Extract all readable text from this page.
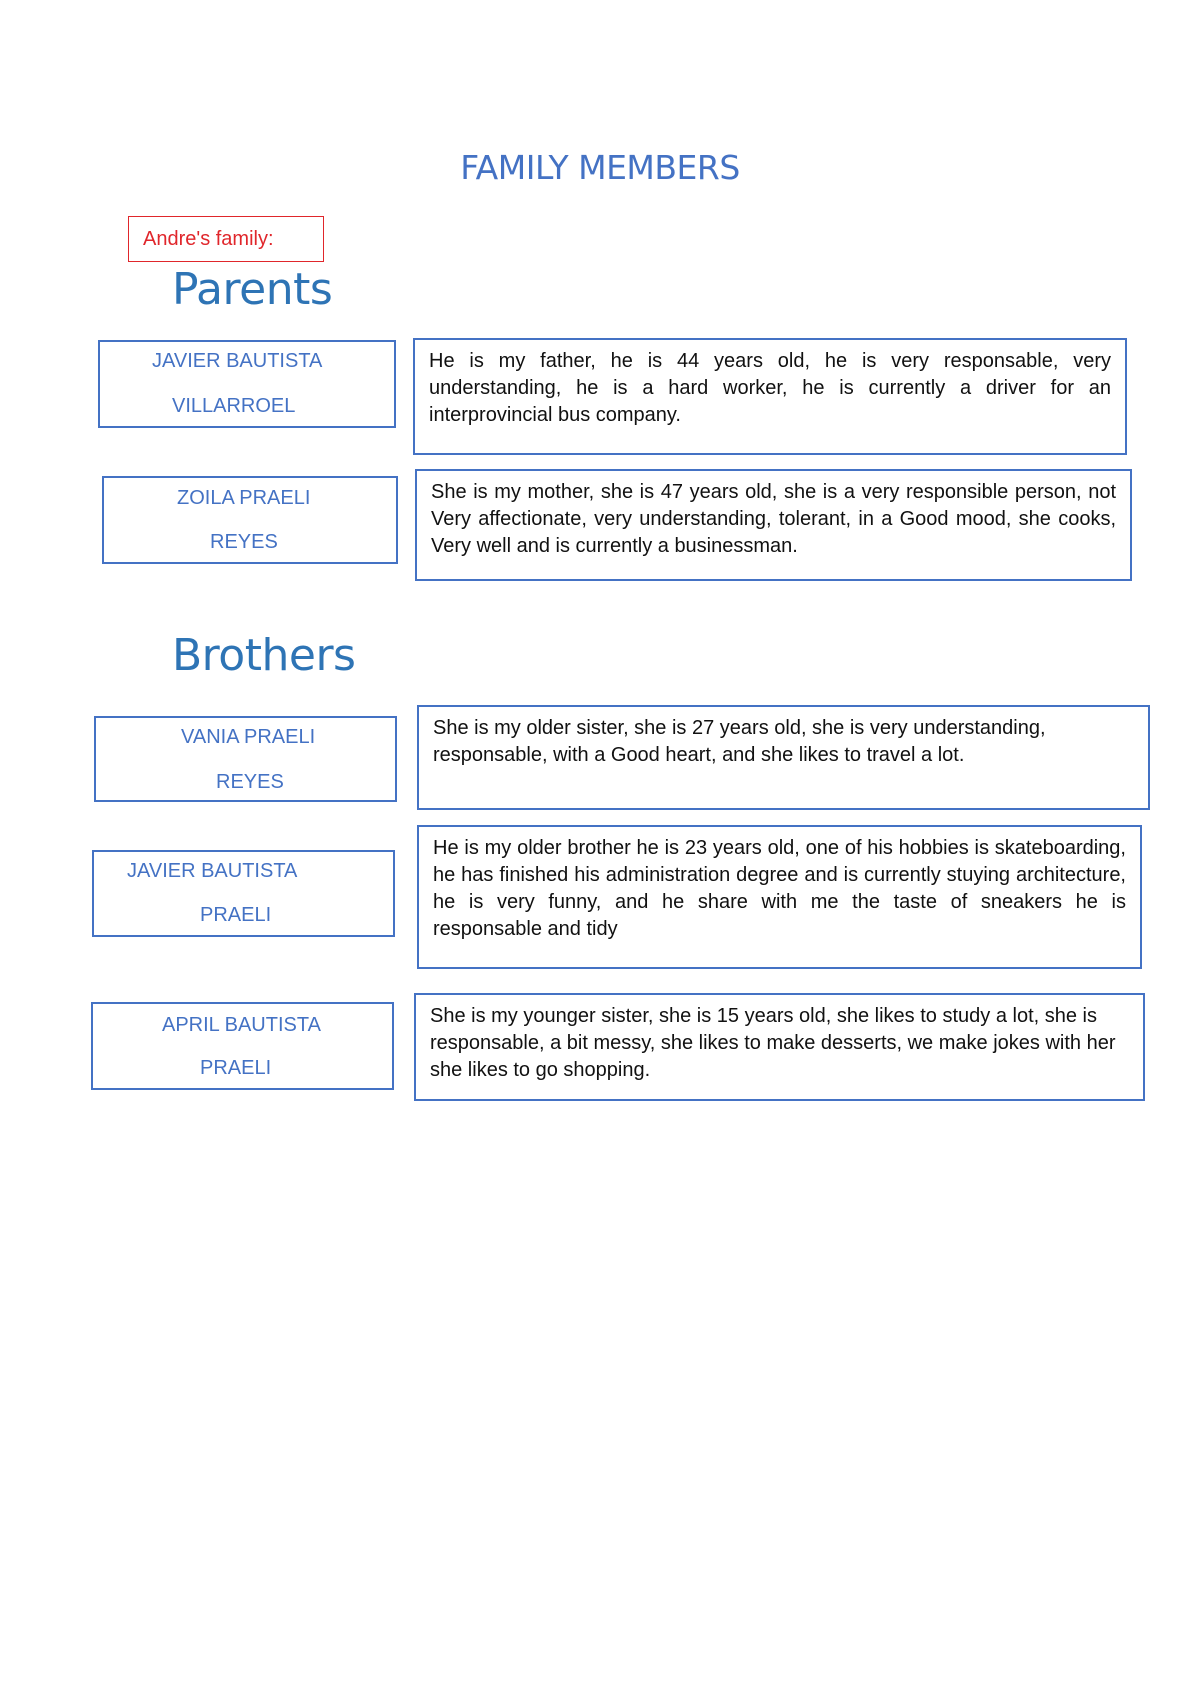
FAMILY MEMBERS
Andre's family:
Parents
JAVIER BAUTISTA
VILLARROEL
He is my father, he is 44 years old, he is very responsable, very understanding, he is a hard worker, he is currently a driver for an interprovincial bus company.
ZOILA PRAELI
REYES
She is my mother, she is 47 years old, she is a very responsible person, not Very affectionate, very understanding, tolerant, in a Good mood, she cooks, Very well and is currently a businessman.
Brothers
VANIA PRAELI
REYES
She is my older sister, she is 27 years old, she is very understanding, responsable, with a Good heart, and she likes to travel a lot.
JAVIER BAUTISTA
PRAELI
He is my older brother he is 23 years old, one of his hobbies is skateboarding, he has finished his administration degree and is currently stuying architecture, he is very funny, and he share with me the taste of sneakers he is responsable and tidy
APRIL BAUTISTA
PRAELI
She is my younger sister, she is 15 years old, she likes to study a lot, she is responsable, a bit messy, she likes to make desserts, we make jokes with her she likes to go shopping.
